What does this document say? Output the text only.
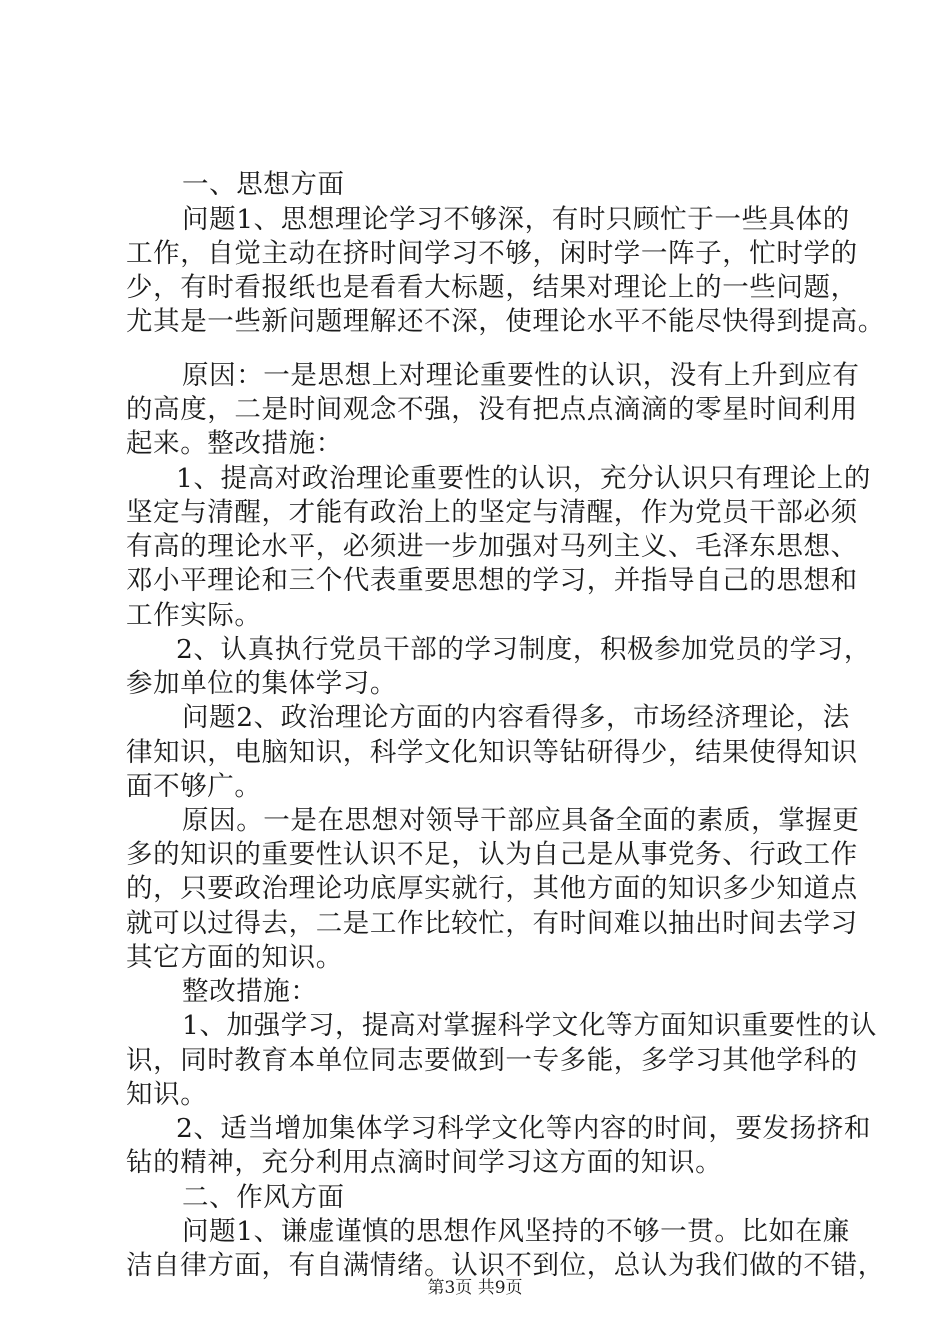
一、思想方面
问题1、思想理论学习不够深，有时只顾忙于一些具体的
工作，自觉主动在挤时间学习不够，闲时学一阵子，忙时学的
少，有时看报纸也是看看大标题，结果对理论上的一些问题，
尤其是一些新问题理解还不深，使理论水平不能尽快得到提高。
原因：一是思想上对理论重要性的认识，没有上升到应有
的高度，二是时间观念不强，没有把点点滴滴的零星时间利用
起来。整改措施：
1、提高对政治理论重要性的认识，充分认识只有理论上的
坚定与清醒，才能有政治上的坚定与清醒，作为党员干部必须
有高的理论水平，必须进一步加强对马列主义、毛泽东思想、
邓小平理论和三个代表重要思想的学习，并指导自己的思想和
工作实际。
2、认真执行党员干部的学习制度，积极参加党员的学习，
参加单位的集体学习。
问题2、政治理论方面的内容看得多，市场经济理论，法
律知识，电脑知识，科学文化知识等钻研得少，结果使得知识
面不够广。
原因。一是在思想对领导干部应具备全面的素质，掌握更
多的知识的重要性认识不足，认为自己是从事党务、行政工作
的，只要政治理论功底厚实就行，其他方面的知识多少知道点
就可以过得去，二是工作比较忙，有时间难以抽出时间去学习
其它方面的知识。
整改措施：
1、加强学习，提高对掌握科学文化等方面知识重要性的认
识，同时教育本单位同志要做到一专多能，多学习其他学科的
知识。
2、适当增加集体学习科学文化等内容的时间，要发扬挤和
钻的精神，充分利用点滴时间学习这方面的知识。
二、作风方面
问题1、谦虚谨慎的思想作风坚持的不够一贯。比如在廉
洁自律方面，有自满情绪。认识不到位，总认为我们做的不错，
第3页 共9页
